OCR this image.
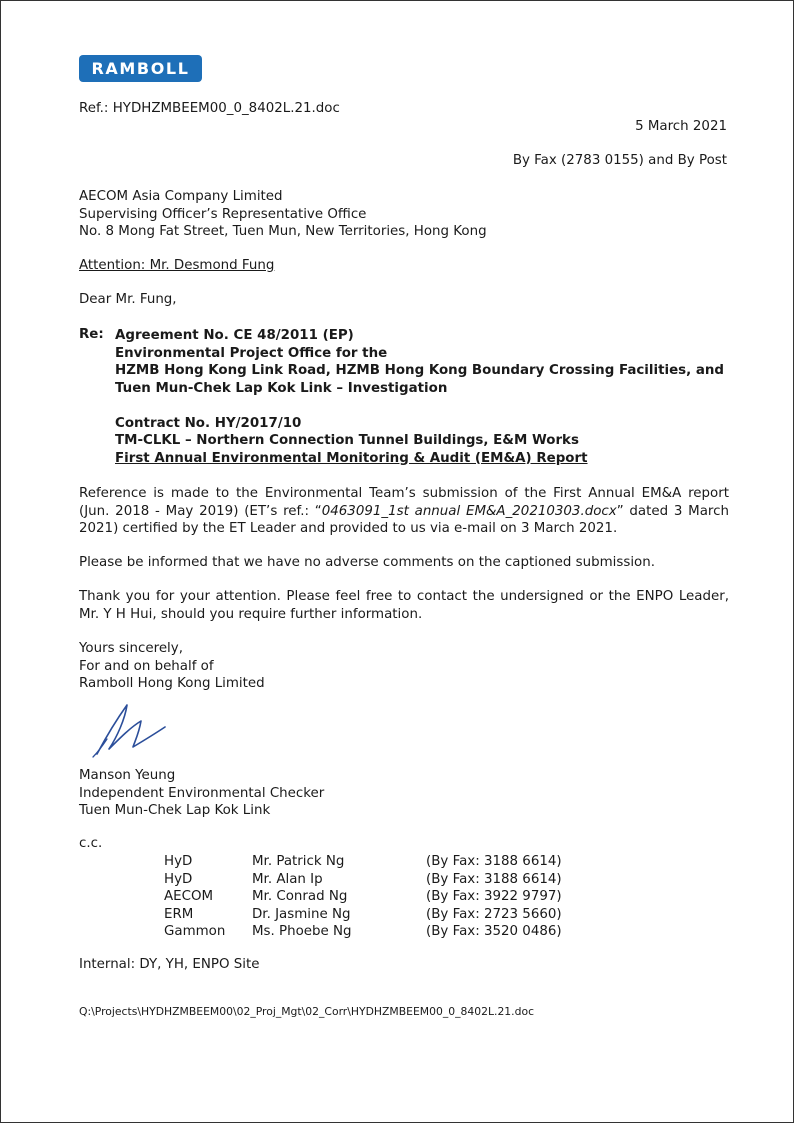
RAMBOLL
Ref.: HYDHZMBEEM00_0_8402L.21.doc
5 March 2021
By Fax (2783 0155) and By Post
AECOM Asia Company Limited
Supervising Officer’s Representative Office
No. 8 Mong Fat Street, Tuen Mun, New Territories, Hong Kong
Attention: Mr. Desmond Fung
Dear Mr. Fung,
Re: Agreement No. CE 48/2011 (EP)
Environmental Project Office for the
HZMB Hong Kong Link Road, HZMB Hong Kong Boundary Crossing Facilities, and
Tuen Mun-Chek Lap Kok Link – Investigation
Contract No. HY/2017/10
TM-CLKL – Northern Connection Tunnel Buildings, E&M Works
First Annual Environmental Monitoring & Audit (EM&A) Report
Reference is made to the Environmental Team’s submission of the First Annual EM&A report (Jun. 2018 - May 2019) (ET’s ref.: “0463091_1st annual EM&A_20210303.docx” dated 3 March 2021) certified by the ET Leader and provided to us via e-mail on 3 March 2021.
Please be informed that we have no adverse comments on the captioned submission.
Thank you for your attention. Please feel free to contact the undersigned or the ENPO Leader, Mr. Y H Hui, should you require further information.
Yours sincerely,
For and on behalf of
Ramboll Hong Kong Limited
Manson Yeung
Independent Environmental Checker
Tuen Mun-Chek Lap Kok Link
c.c.
HyD	Mr. Patrick Ng	(By Fax: 3188 6614)
HyD	Mr. Alan Ip	(By Fax: 3188 6614)
AECOM	Mr. Conrad Ng	(By Fax: 3922 9797)
ERM	Dr. Jasmine Ng	(By Fax: 2723 5660)
Gammon	Ms. Phoebe Ng	(By Fax: 3520 0486)
Internal: DY, YH, ENPO Site
Q:\Projects\HYDHZMBEEM00\02_Proj_Mgt\02_Corr\HYDHZMBEEM00_0_8402L.21.doc
